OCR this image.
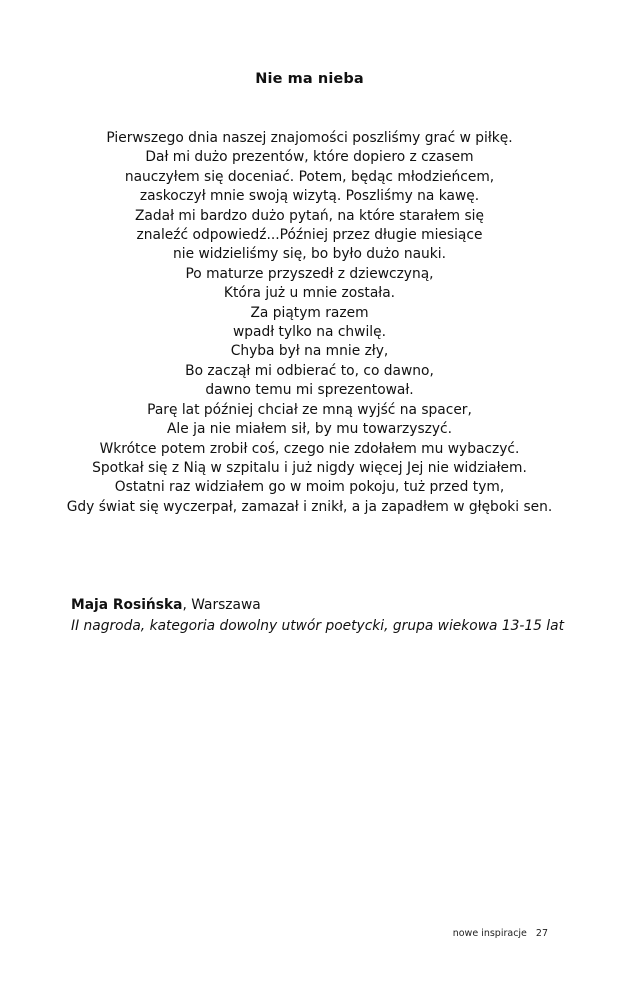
Nie ma nieba
Pierwszego dnia naszej znajomości poszliśmy grać w piłkę.
Dał mi dużo prezentów, które dopiero z czasem
nauczyłem się doceniać. Potem, będąc młodzieńcem,
zaskoczył mnie swoją wizytą. Poszliśmy na kawę.
Zadał mi bardzo dużo pytań, na które starałem się
znaleźć odpowiedź...Później przez długie miesiące
nie widzieliśmy się, bo było dużo nauki.
Po maturze przyszedł z dziewczyną,
Która już u mnie została.
Za piątym razem
wpadł tylko na chwilę.
Chyba był na mnie zły,
Bo zaczął mi odbierać to, co dawno,
dawno temu mi sprezentował.
Parę lat później chciał ze mną wyjść na spacer,
Ale ja nie miałem sił, by mu towarzyszyć.
Wkrótce potem zrobił coś, czego nie zdołałem mu wybaczyć.
Spotkał się z Nią w szpitalu i już nigdy więcej Jej nie widziałem.
Ostatni raz widziałem go w moim pokoju, tuż przed tym,
Gdy świat się wyczerpał, zamazał i znikł, a ja zapadłem w głęboki sen.
Maja Rosińska, Warszawa
II nagroda, kategoria dowolny utwór poetycki, grupa wiekowa 13-15 lat
nowe inspiracje 27
